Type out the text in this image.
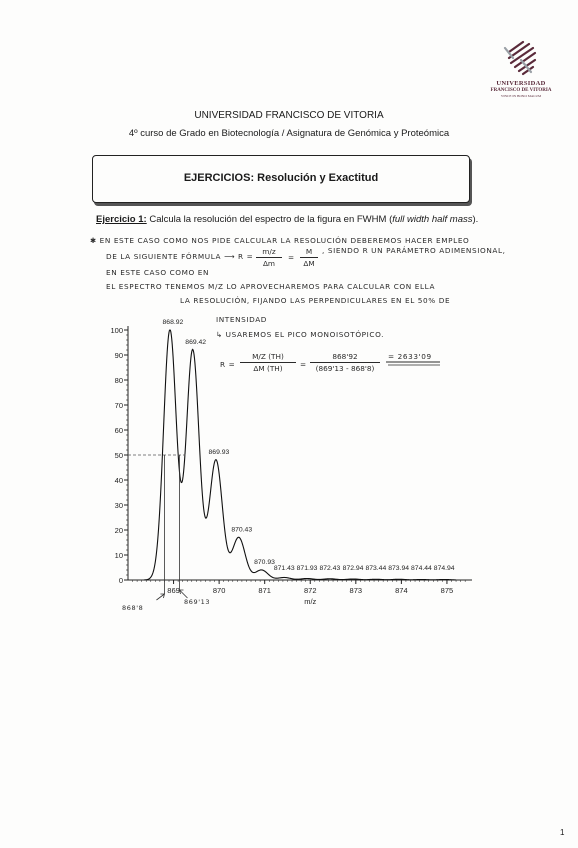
UNIVERSIDAD
FRANCISCO DE VITORIA
VINCE IN BONO MALUM
UNIVERSIDAD FRANCISCO DE VITORIA
4º curso de Grado en Biotecnología / Asignatura de Genómica y Proteómica
EJERCICIOS: Resolución y Exactitud
Ejercicio 1: Calcula la resolución del espectro de la figura en FWHM (full width half mass).
✱ EN ESTE CASO COMO NOS PIDE CALCULAR LA RESOLUCIÓN DEBEREMOS HACER EMPLEO
DE LA SIGUIENTE FÓRMULA ⟶ R =
m/z
Δm
=
M
ΔM
, SIENDO R UN PARÁMETRO ADIMENSIONAL,
EN ESTE CASO COMO EN
EL ESPECTRO TENEMOS M/Z LO APROVECHAREMOS PARA CALCULAR CON ELLA
LA RESOLUCIÓN, FIJANDO LAS PERPENDICULARES EN EL 50% DE
INTENSIDAD
↳ USAREMOS EL PICO MONOISOTÓPICO.
R =
M/Z (TH)
ΔM (TH)	=
868'92
(869'13 - 868'8)
= 2633'09
0
10
20
30
40
50
60
70
80
90
100
869	870	871	872	873	874	875
m/z
868.92
869.42
869.93
870.43
870.93
871.43 871.93 872.43 872.94 873.44 873.94 874.44 874.94
868'8
869'13
1
